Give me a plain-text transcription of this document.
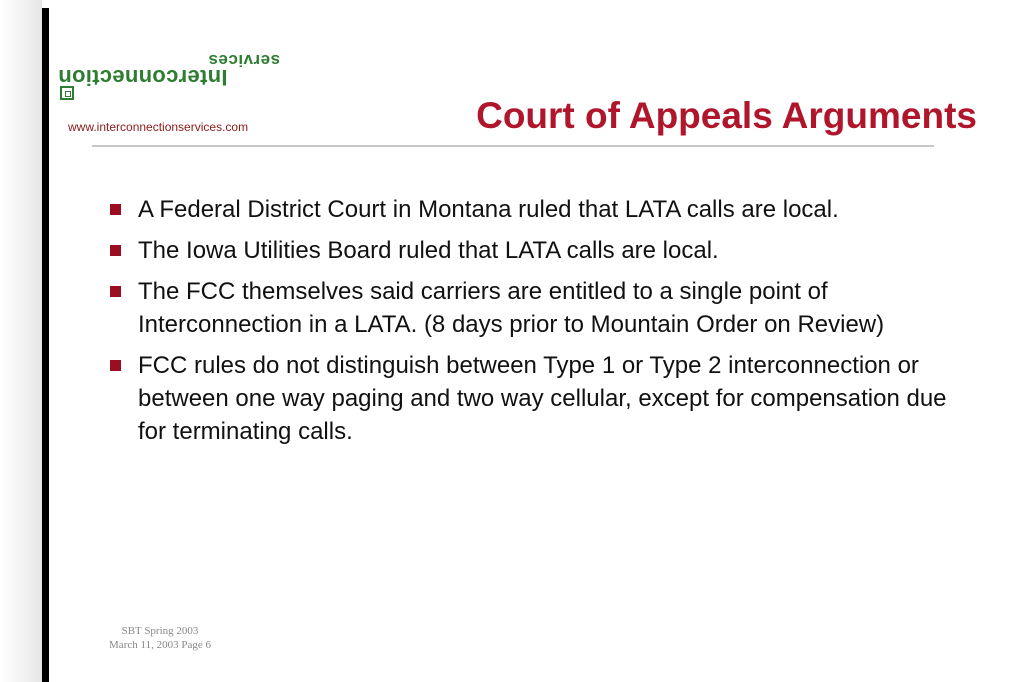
services
Interconnection
www.interconnectionservices.com	Court of Appeals Arguments
A Federal District Court in Montana ruled that LATA calls are local.
The Iowa Utilities Board ruled that LATA calls are local.
The FCC themselves said carriers are entitled to a single point of Interconnection in a LATA. (8 days prior to Mountain Order on Review)
FCC rules do not distinguish between Type 1 or Type 2 interconnection or between one way paging and two way cellular, except for compensation due for terminating calls.
SBT Spring 2003
March 11, 2003 Page 6
